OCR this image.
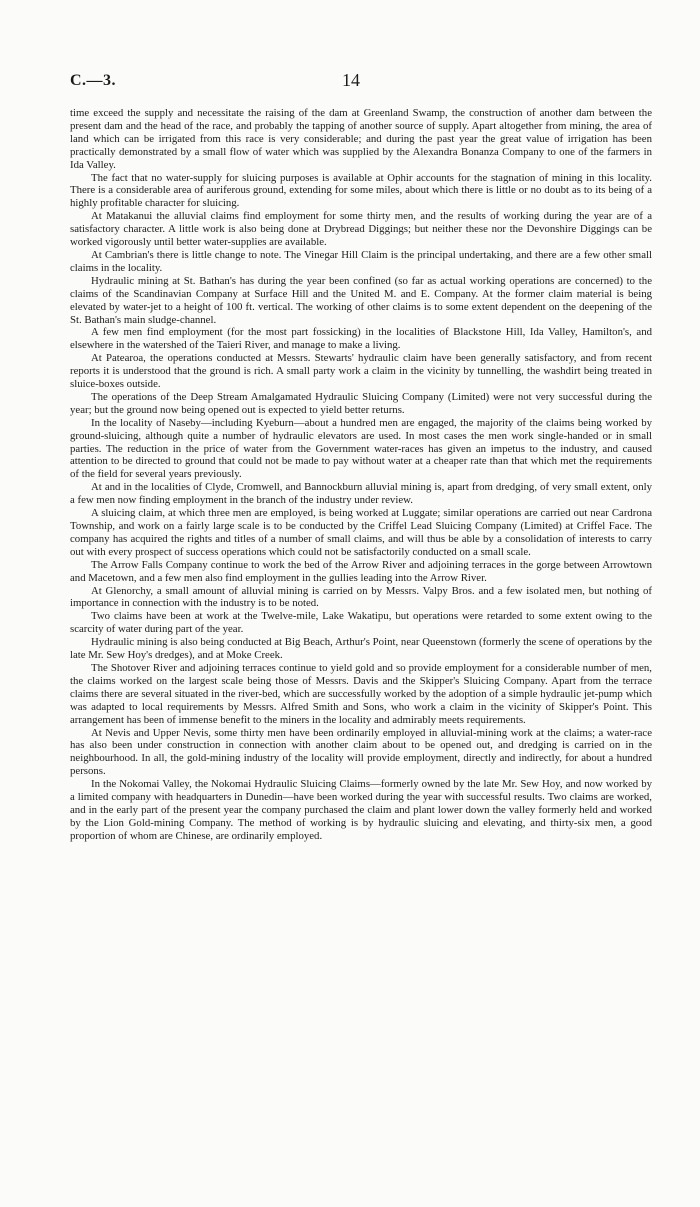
C.—3.	14

time exceed the supply and necessitate the raising of the dam at Greenland Swamp, the construction of another dam between the present dam and the head of the race, and probably the tapping of another source of supply. Apart altogether from mining, the area of land which can be irrigated from this race is very considerable; and during the past year the great value of irrigation has been practically demonstrated by a small flow of water which was supplied by the Alexandra Bonanza Company to one of the farmers in Ida Valley.

The fact that no water-supply for sluicing purposes is available at Ophir accounts for the stagnation of mining in this locality. There is a considerable area of auriferous ground, extending for some miles, about which there is little or no doubt as to its being of a highly profitable character for sluicing.

At Matakanui the alluvial claims find employment for some thirty men, and the results of working during the year are of a satisfactory character. A little work is also being done at Drybread Diggings; but neither these nor the Devonshire Diggings can be worked vigorously until better water-supplies are available.

At Cambrian's there is little change to note. The Vinegar Hill Claim is the principal undertaking, and there are a few other small claims in the locality.

Hydraulic mining at St. Bathan's has during the year been confined (so far as actual working operations are concerned) to the claims of the Scandinavian Company at Surface Hill and the United M. and E. Company. At the former claim material is being elevated by water-jet to a height of 100 ft. vertical. The working of other claims is to some extent dependent on the deepening of the St. Bathan's main sludge-channel.

A few men find employment (for the most part fossicking) in the localities of Blackstone Hill, Ida Valley, Hamilton's, and elsewhere in the watershed of the Taieri River, and manage to make a living.

At Patearoa, the operations conducted at Messrs. Stewarts' hydraulic claim have been generally satisfactory, and from recent reports it is understood that the ground is rich. A small party work a claim in the vicinity by tunnelling, the washdirt being treated in sluice-boxes outside.

The operations of the Deep Stream Amalgamated Hydraulic Sluicing Company (Limited) were not very successful during the year; but the ground now being opened out is expected to yield better returns.

In the locality of Naseby—including Kyeburn—about a hundred men are engaged, the majority of the claims being worked by ground-sluicing, although quite a number of hydraulic elevators are used. In most cases the men work single-handed or in small parties. The reduction in the price of water from the Government water-races has given an impetus to the industry, and caused attention to be directed to ground that could not be made to pay without water at a cheaper rate than that which met the requirements of the field for several years previously.

At and in the localities of Clyde, Cromwell, and Bannockburn alluvial mining is, apart from dredging, of very small extent, only a few men now finding employment in the branch of the industry under review.

A sluicing claim, at which three men are employed, is being worked at Luggate; similar operations are carried out near Cardrona Township, and work on a fairly large scale is to be conducted by the Criffel Lead Sluicing Company (Limited) at Criffel Face. The company has acquired the rights and titles of a number of small claims, and will thus be able by a consolidation of interests to carry out with every prospect of success operations which could not be satisfactorily conducted on a small scale.

The Arrow Falls Company continue to work the bed of the Arrow River and adjoining terraces in the gorge between Arrowtown and Macetown, and a few men also find employment in the gullies leading into the Arrow River.

At Glenorchy, a small amount of alluvial mining is carried on by Messrs. Valpy Bros. and a few isolated men, but nothing of importance in connection with the industry is to be noted.

Two claims have been at work at the Twelve-mile, Lake Wakatipu, but operations were retarded to some extent owing to the scarcity of water during part of the year.

Hydraulic mining is also being conducted at Big Beach, Arthur's Point, near Queenstown (formerly the scene of operations by the late Mr. Sew Hoy's dredges), and at Moke Creek.

The Shotover River and adjoining terraces continue to yield gold and so provide employment for a considerable number of men, the claims worked on the largest scale being those of Messrs. Davis and the Skipper's Sluicing Company. Apart from the terrace claims there are several situated in the river-bed, which are successfully worked by the adoption of a simple hydraulic jet-pump which was adapted to local requirements by Messrs. Alfred Smith and Sons, who work a claim in the vicinity of Skipper's Point. This arrangement has been of immense benefit to the miners in the locality and admirably meets requirements.

At Nevis and Upper Nevis, some thirty men have been ordinarily employed in alluvial-mining work at the claims; a water-race has also been under construction in connection with another claim about to be opened out, and dredging is carried on in the neighbourhood. In all, the gold-mining industry of the locality will provide employment, directly and indirectly, for about a hundred persons.

In the Nokomai Valley, the Nokomai Hydraulic Sluicing Claims—formerly owned by the late Mr. Sew Hoy, and now worked by a limited company with headquarters in Dunedin—have been worked during the year with successful results. Two claims are worked, and in the early part of the present year the company purchased the claim and plant lower down the valley formerly held and worked by the Lion Gold-mining Company. The method of working is by hydraulic sluicing and elevating, and thirty-six men, a good proportion of whom are Chinese, are ordinarily employed.
